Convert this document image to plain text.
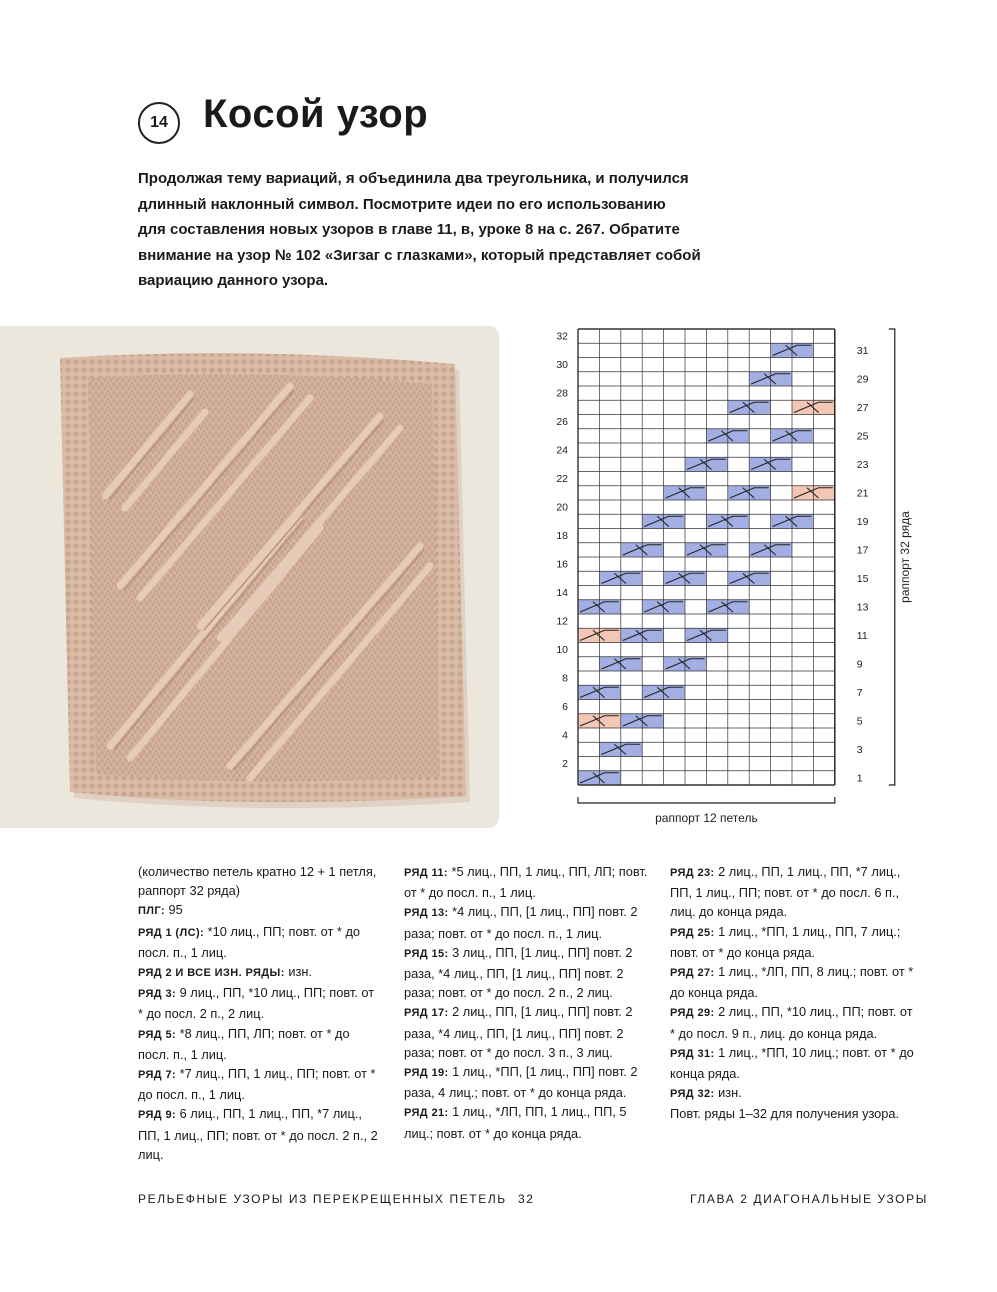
14 Косой узор
Продолжая тему вариаций, я объединила два треугольника, и получился
длинный наклонный символ. Посмотрите идеи по его использованию
для составления новых узоров в главе 11, в, уроке 8 на с. 267. Обратите
внимание на узор № 102 «Зигзаг с глазками», который представляет собой
вариацию данного узора.
32
30
28
26
24
22
20
18
16
14
12
10
8
6
4
2
31
29
27
25
23
21
19
17
15
13
11
9
7
5
3
1
раппорт 32 ряда
раппорт 12 петель

(количество петель кратно 12 + 1 петля, раппорт 32 ряда)

ПЛГ: 95

РЯД 1 (ЛС): *10 лиц., ПП; повт. от * до посл. п., 1 лиц.

РЯД 2 И ВСЕ ИЗН. РЯДЫ: изн.

РЯД 3: 9 лиц., ПП, *10 лиц., ПП; повт. от * до посл. 2 п., 2 лиц.

РЯД 5: *8 лиц., ПП, ЛП; повт. от * до посл. п., 1 лиц.

РЯД 7: *7 лиц., ПП, 1 лиц., ПП; повт. от * до посл. п., 1 лиц.

РЯД 9: 6 лиц., ПП, 1 лиц., ПП, *7 лиц., ПП, 1 лиц., ПП; повт. от * до посл. 2 п., 2 лиц.

РЯД 11: *5 лиц., ПП, 1 лиц., ПП, ЛП; повт. от * до посл. п., 1 лиц.

РЯД 13: *4 лиц., ПП, [1 лиц., ПП] повт. 2 раза; повт. от * до посл. п., 1 лиц.

РЯД 15: 3 лиц., ПП, [1 лиц., ПП] повт. 2 раза, *4 лиц., ПП, [1 лиц., ПП] повт. 2 раза; повт. от * до посл. 2 п., 2 лиц.

РЯД 17: 2 лиц., ПП, [1 лиц., ПП] повт. 2 раза, *4 лиц., ПП, [1 лиц., ПП] повт. 2 раза; повт. от * до посл. 3 п., 3 лиц.

РЯД 19: 1 лиц., *ПП, [1 лиц., ПП] повт. 2 раза, 4 лиц.; повт. от * до конца ряда.

РЯД 21: 1 лиц., *ЛП, ПП, 1 лиц., ПП, 5 лиц.; повт. от * до конца ряда.

РЯД 23: 2 лиц., ПП, 1 лиц., ПП, *7 лиц., ПП, 1 лиц., ПП; повт. от * до посл. 6 п., лиц. до конца ряда.

РЯД 25: 1 лиц., *ПП, 1 лиц., ПП, 7 лиц.; повт. от * до конца ряда.

РЯД 27: 1 лиц., *ЛП, ПП, 8 лиц.; повт. от * до конца ряда.

РЯД 29: 2 лиц., ПП, *10 лиц., ПП; повт. от * до посл. 9 п., лиц. до конца ряда.

РЯД 31: 1 лиц., *ПП, 10 лиц.; повт. от * до конца ряда.

РЯД 32: изн.

Повт. ряды 1–32 для получения узора.

РЕЛЬЕФНЫЕ УЗОРЫ ИЗ ПЕРЕКРЕЩЕННЫХ ПЕТЕЛЬ 32	ГЛАВА 2 ДИАГОНАЛЬНЫЕ УЗОРЫ
